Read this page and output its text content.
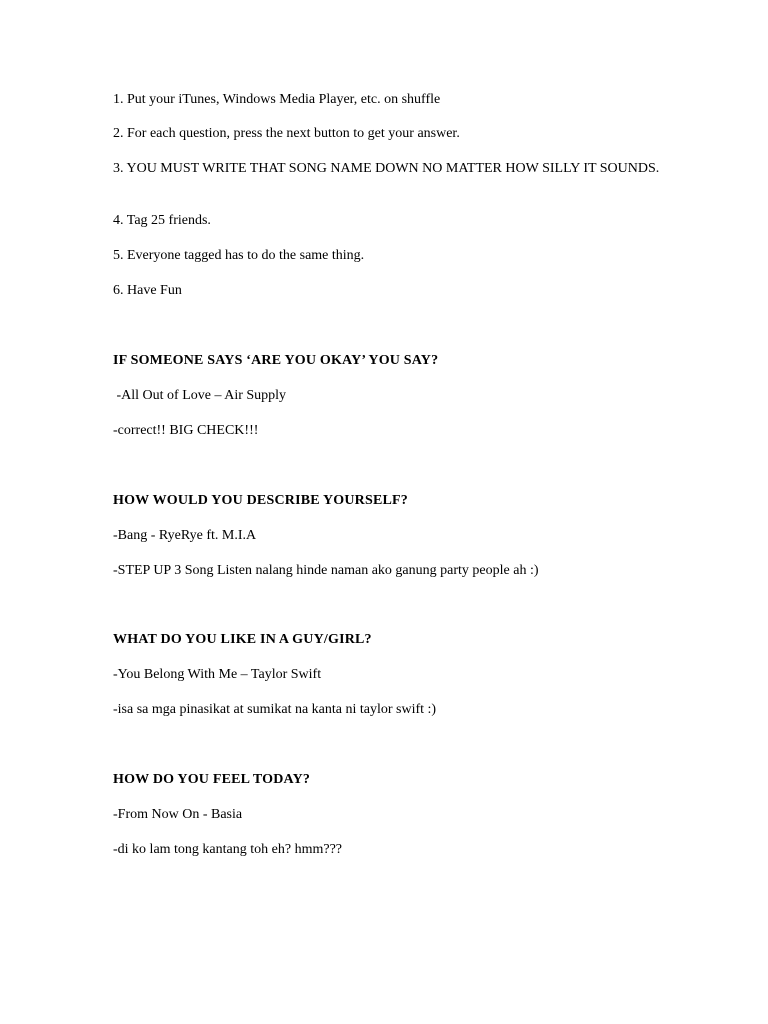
1. Put your iTunes, Windows Media Player, etc. on shuffle

2. For each question, press the next button to get your answer.

3. YOU MUST WRITE THAT SONG NAME DOWN NO MATTER HOW SILLY IT SOUNDS.

4. Tag 25 friends.

5. Everyone tagged has to do the same thing.

6. Have Fun

IF SOMEONE SAYS ‘ARE YOU OKAY’ YOU SAY?

-All Out of Love – Air Supply

-correct!! BIG CHECK!!!

HOW WOULD YOU DESCRIBE YOURSELF?

-Bang - RyeRye ft. M.I.A

-STEP UP 3 Song Listen nalang hinde naman ako ganung party people ah :)

WHAT DO YOU LIKE IN A GUY/GIRL?

-You Belong With Me – Taylor Swift

-isa sa mga pinasikat at sumikat na kanta ni taylor swift :)

HOW DO YOU FEEL TODAY?

-From Now On - Basia

-di ko lam tong kantang toh eh? hmm???
